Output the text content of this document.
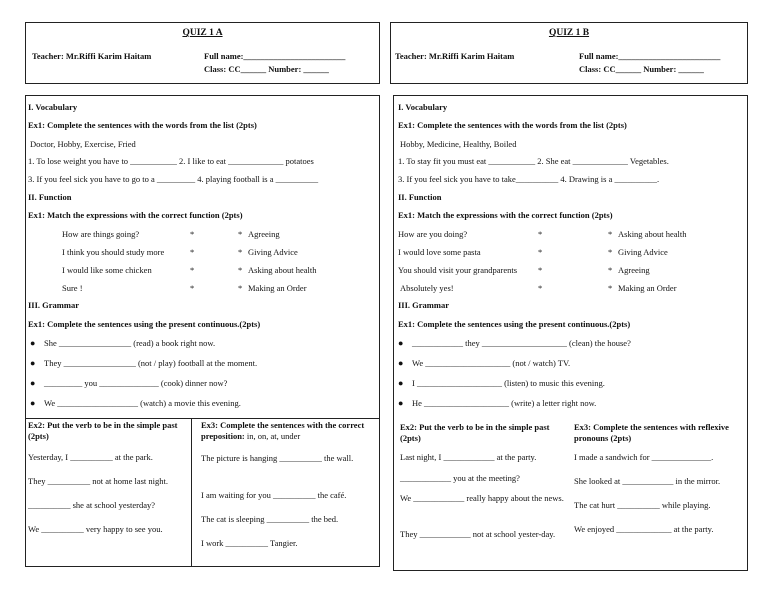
QUIZ 1 A
Teacher: Mr.Riffi Karim Haitam	Full name:________________________
Class: CC______ Number: ______
QUIZ 1 B
Teacher: Mr.Riffi Karim Haitam	Full name:________________________
Class: CC______ Number: ______
I. Vocabulary
Ex1: Complete the sentences with the words from the list (2pts)
Doctor, Hobby, Exercise, Fried
1. To lose weight you have to ___________ 2. I like to eat _____________ potatoes
3. If you feel sick you have to go to a _________ 4. playing football is a __________
II. Function
Ex1: Match the expressions with the correct function (2pts)
How are things going?	*	* Agreeing
I think you should study more	*	* Giving Advice
I would like some chicken	*	* Asking about health
Sure !	*	* Making an Order
III. Grammar
Ex1: Complete the sentences using the present continuous.(2pts)
● She _________________ (read) a book right now.
● They _________________ (not / play) football at the moment.
● _________ you ______________ (cook) dinner now?
● We ___________________ (watch) a movie this evening.
Ex2: Put the verb to be in the simple past (2pts)
Yesterday, I __________ at the park.
They __________ not at home last night.
__________ she at school yesterday?
We __________ very happy to see you.
Ex3: Complete the sentences with the correct preposition: in, on, at, under
The picture is hanging __________ the wall.
I am waiting for you __________ the café.
The cat is sleeping __________ the bed.
I work __________ Tangier.
I. Vocabulary
Ex1: Complete the sentences with the words from the list (2pts)
Hobby, Medicine, Healthy, Boiled
1. To stay fit you must eat ___________ 2. She eat _____________ Vegetables.
3. If you feel sick you have to take__________ 4. Drawing is a __________.
II. Function
Ex1: Match the expressions with the correct function (2pts)
How are you doing?	*	* Asking about health
I would love some pasta	*	* Giving Advice
You should visit your grandparents *	* Agreeing
Absolutely yes!	*	* Making an Order
III. Grammar
Ex1: Complete the sentences using the present continuous.(2pts)
● ____________ they ____________________ (clean) the house?
● We ____________________ (not / watch) TV.
● I ____________________ (listen) to music this evening.
● He ____________________ (write) a letter right now.
Ex2: Put the verb to be in the simple past (2pts)
Last night, I ____________ at the party.
____________ you at the meeting?
We ____________ really happy about the news.
They ____________ not at school yester-day.
Ex3: Complete the sentences with reflexive pronouns (2pts)
I made a sandwich for ______________.
She looked at ____________ in the mirror.
The cat hurt __________ while playing.
We enjoyed _____________ at the party.
